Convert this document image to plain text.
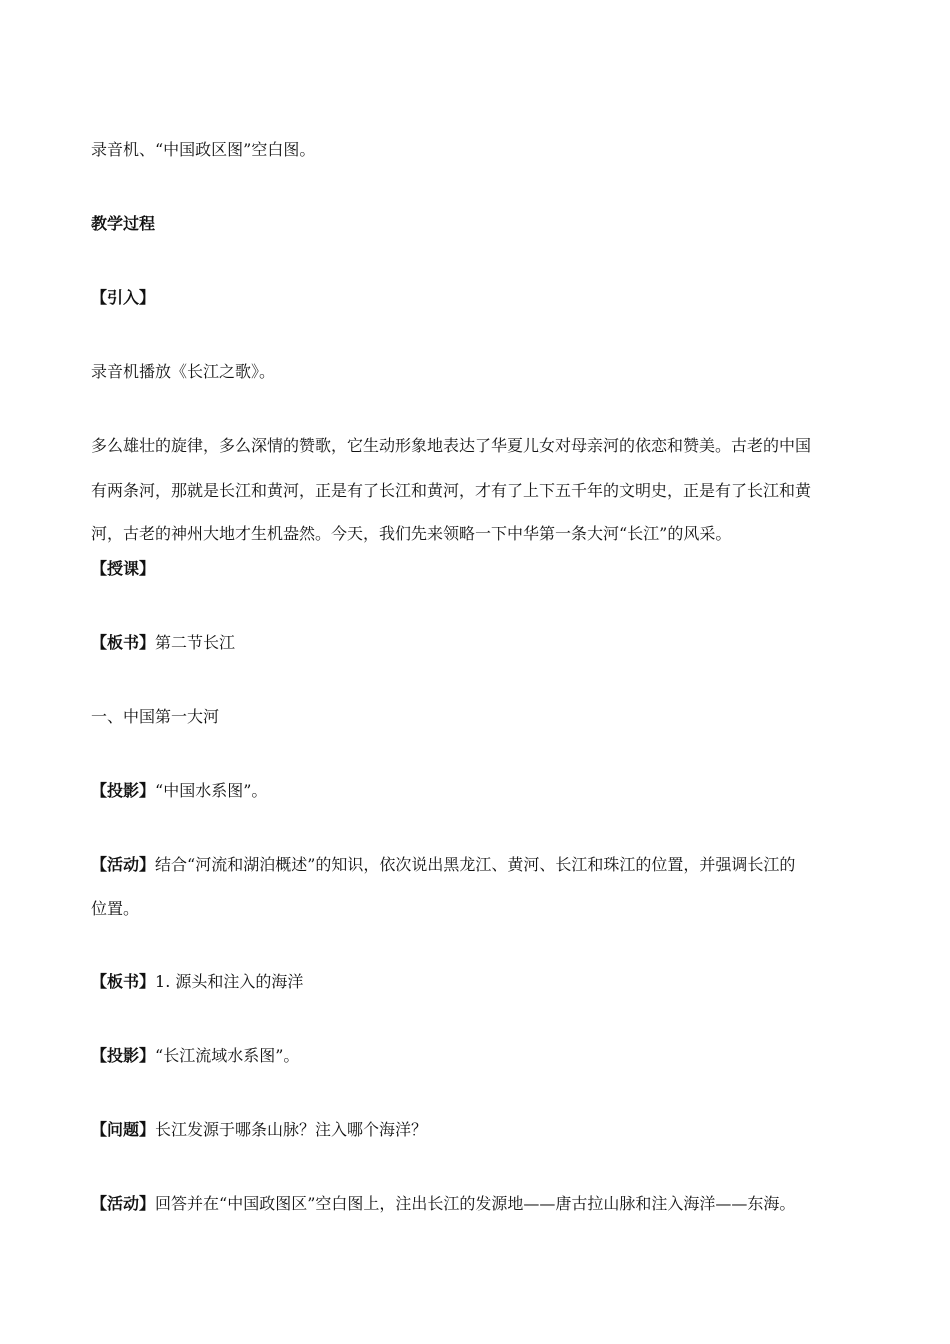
录音机、“中国政区图”空白图。
教学过程
【引入】
录音机播放《长江之歌》。
多么雄壮的旋律，多么深情的赞歌，它生动形象地表达了华夏儿女对母亲河的依恋和赞美。古老的中国
有两条河，那就是长江和黄河，正是有了长江和黄河，才有了上下五千年的文明史，正是有了长江和黄
河，古老的神州大地才生机盎然。今天，我们先来领略一下中华第一条大河“长江”的风采。
【授课】
【板书】第二节长江
一、中国第一大河
【投影】“中国水系图”。
【活动】结合“河流和湖泊概述”的知识，依次说出黑龙江、黄河、长江和珠江的位置，并强调长江的
位置。
【板书】1. 源头和注入的海洋
【投影】“长江流域水系图”。
【问题】长江发源于哪条山脉？注入哪个海洋？
【活动】回答并在“中国政图区”空白图上，注出长江的发源地——唐古拉山脉和注入海洋——东海。
